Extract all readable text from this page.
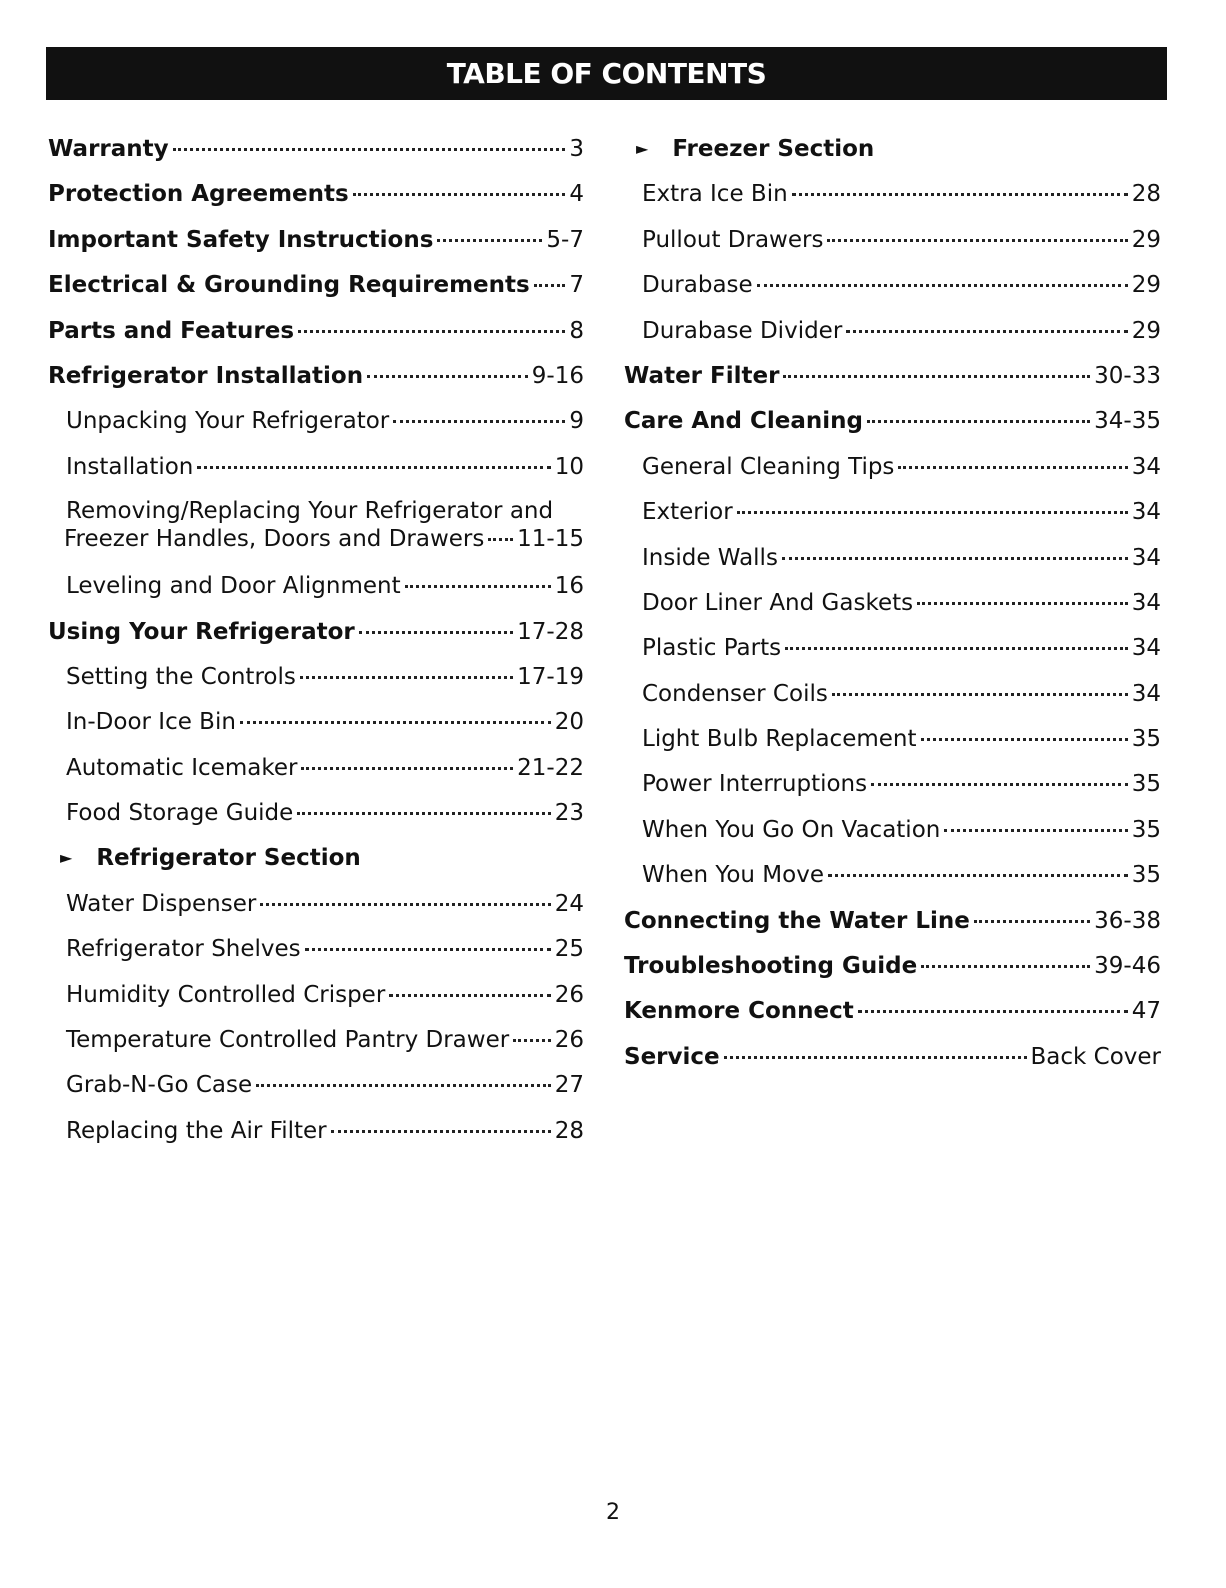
TABLE OF CONTENTS
Warranty	3
Protection Agreements	4
Important Safety Instructions	5-7
Electrical & Grounding Requirements 7
Parts and Features	8
Refrigerator Installation	9-16
Unpacking Your Refrigerator	9
Installation	10
Removing/Replacing Your Refrigerator and
Freezer Handles, Doors and Drawers 11-15
Leveling and Door Alignment	16
Using Your Refrigerator	17-28
Setting the Controls	17-19
In-Door Ice Bin	20
Automatic Icemaker	21-22
Food Storage Guide	23
► Refrigerator Section
Water Dispenser	24
Refrigerator Shelves	25
Humidity Controlled Crisper	26
Temperature Controlled Pantry Drawer 26
Grab-N-Go Case	27
Replacing the Air Filter	28
► Freezer Section
Extra Ice Bin	28
Pullout Drawers	29
Durabase	29
Durabase Divider	29
Water Filter	30-33
Care And Cleaning	34-35
General Cleaning Tips	34
Exterior	34
Inside Walls	34
Door Liner And Gaskets	34
Plastic Parts	34
Condenser Coils	34
Light Bulb Replacement	35
Power Interruptions	35
When You Go On Vacation	35
When You Move	35
Connecting the Water Line	36-38
Troubleshooting Guide	39-46
Kenmore Connect	47
Service	Back Cover
2
